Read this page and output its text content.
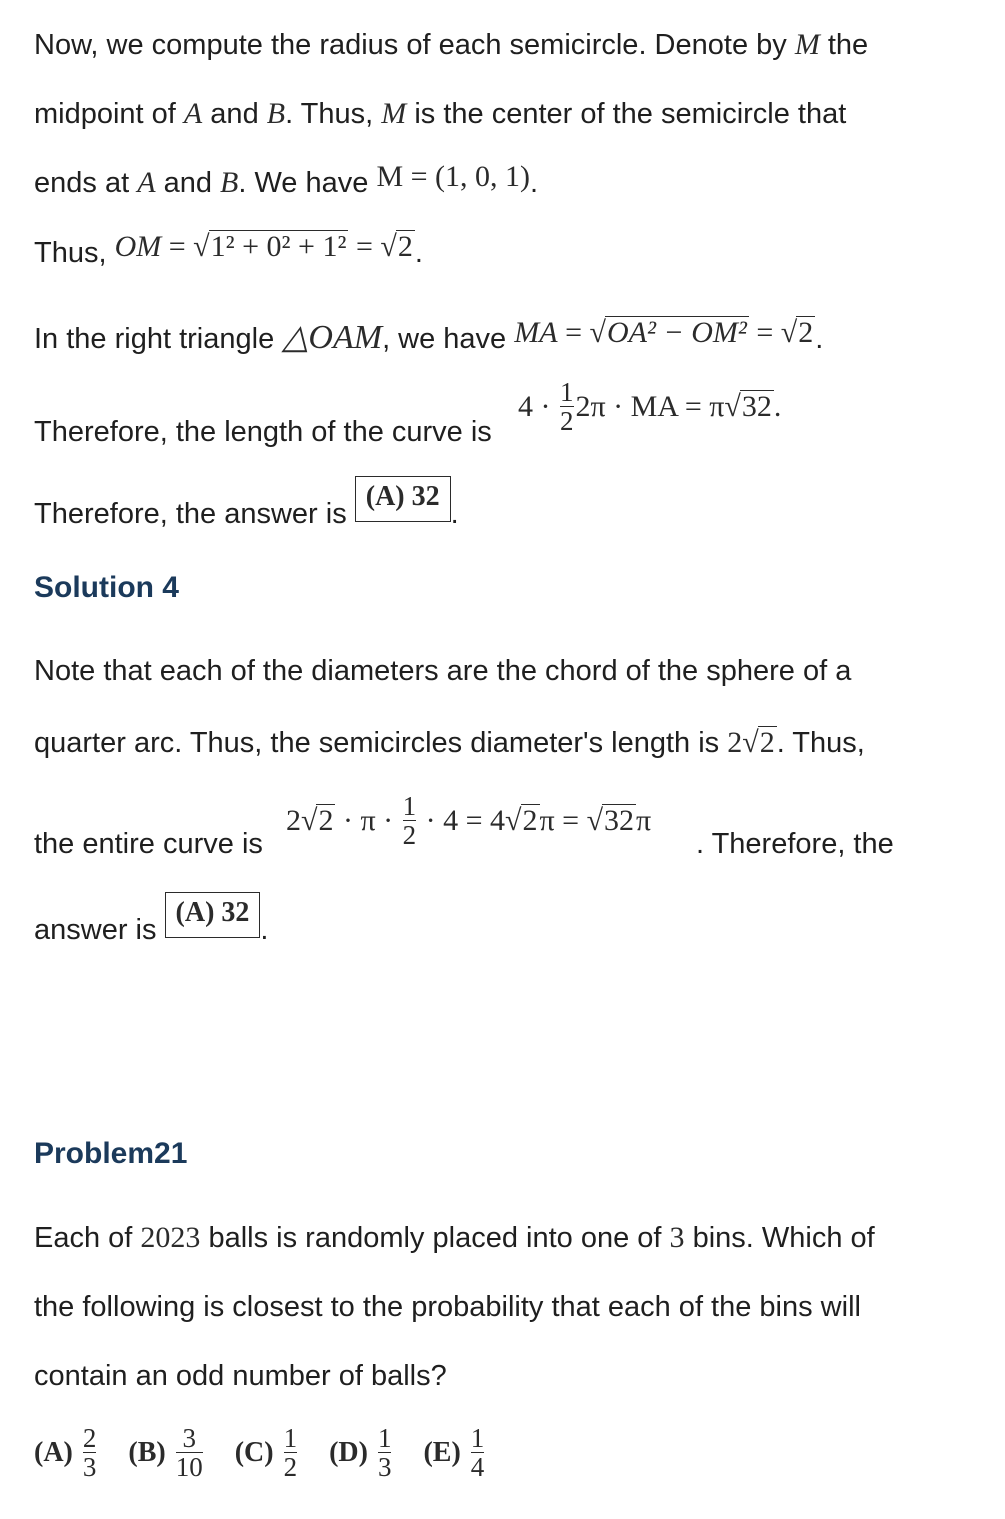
Now, we compute the radius of each semicircle. Denote by M the
midpoint of A and B. Thus, M is the center of the semicircle that
ends at A and B. We have M = (1, 0, 1).
Thus, OM = √1² + 0² + 1² = √2.
In the right triangle △OAM, we have MA = √OA² − OM² = √2.
Therefore, the length of the curve is
$4 \cdot \frac{1}{2} 2\pi$ · MA = π√32.
Therefore, the answer is (A) 32.
Solution 4
Note that each of the diameters are the chord of the sphere of a
quarter arc. Thus, the semicircles diameter's length is 2√2. Thus,
the entire curve is
$2√2 \cdot \pi \cdot \frac{1}{2} \cdot 4 = 4√2\pi = √32\pi$
. Therefore, the
answer is (A) 32.
Problem21
Each of 2023 balls is randomly placed into one of 3 bins. Which of
the following is closest to the probability that each of the bins will
contain an odd number of balls?
$(A) \frac{2}{3} (B) \frac{3}{10} (C) \frac{1}{2} (D) \frac{1}{3} (E) \frac{1}{4}$
